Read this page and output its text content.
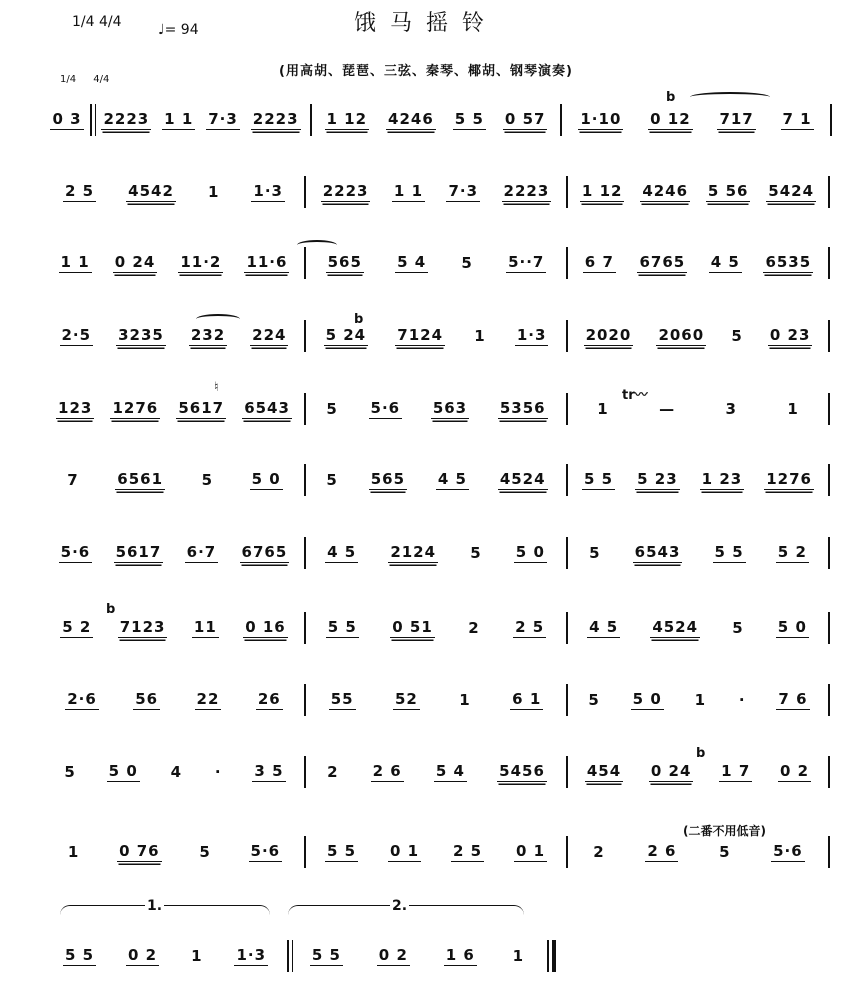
饿马摇铃
1/4 4/4	♩= 94
(用高胡、琵琶、三弦、秦琴、椰胡、钢琴演奏)
1/4 4/4
0 3 2223 1 1 7·3 2223 1 12 4246 5 5 0 57 1·10 0 12 717 7 1
2 5 4542 1 1·3	2223 1 1 7·3 2223 1 12 4246 5 56 5424
1 1 0 24 11·2 11·6	565 5 4 5 5··7	6 7 6765 4 5 6535
2·5 3235 232 224	5 24 7124 1 1·3	2020 2060 5 0 23
123 1276 5617 6543 5 5·6 563 5356	1	—	3	1
7	6561	5	5 0	5 565 4 5 4524	5 5 5 23 1 23 1276
5·6 5617 6·7 6765	4 5 2124 5 5 0	5 6543 5 5 5 2
5 2 7123 11 0 16	5 5 0 51 2 2 5	4 5 4524 5 5 0
2·6	56	22	26	55	52	1	6 1	5 5 0 1 · 7 6
5 5 0 4 · 3 5	2 2 6 5 4 5456	454 0 24 1 7 0 2
1	0 76	5	5·6	5 5 0 1 2 5 0 1	2	2 6	5	5·6
5 5 0 2 1 1·3	5 5	0 2	1 6	1
(二番不用低音)
1.	2.
b
b
♮
tr〰
b
b
